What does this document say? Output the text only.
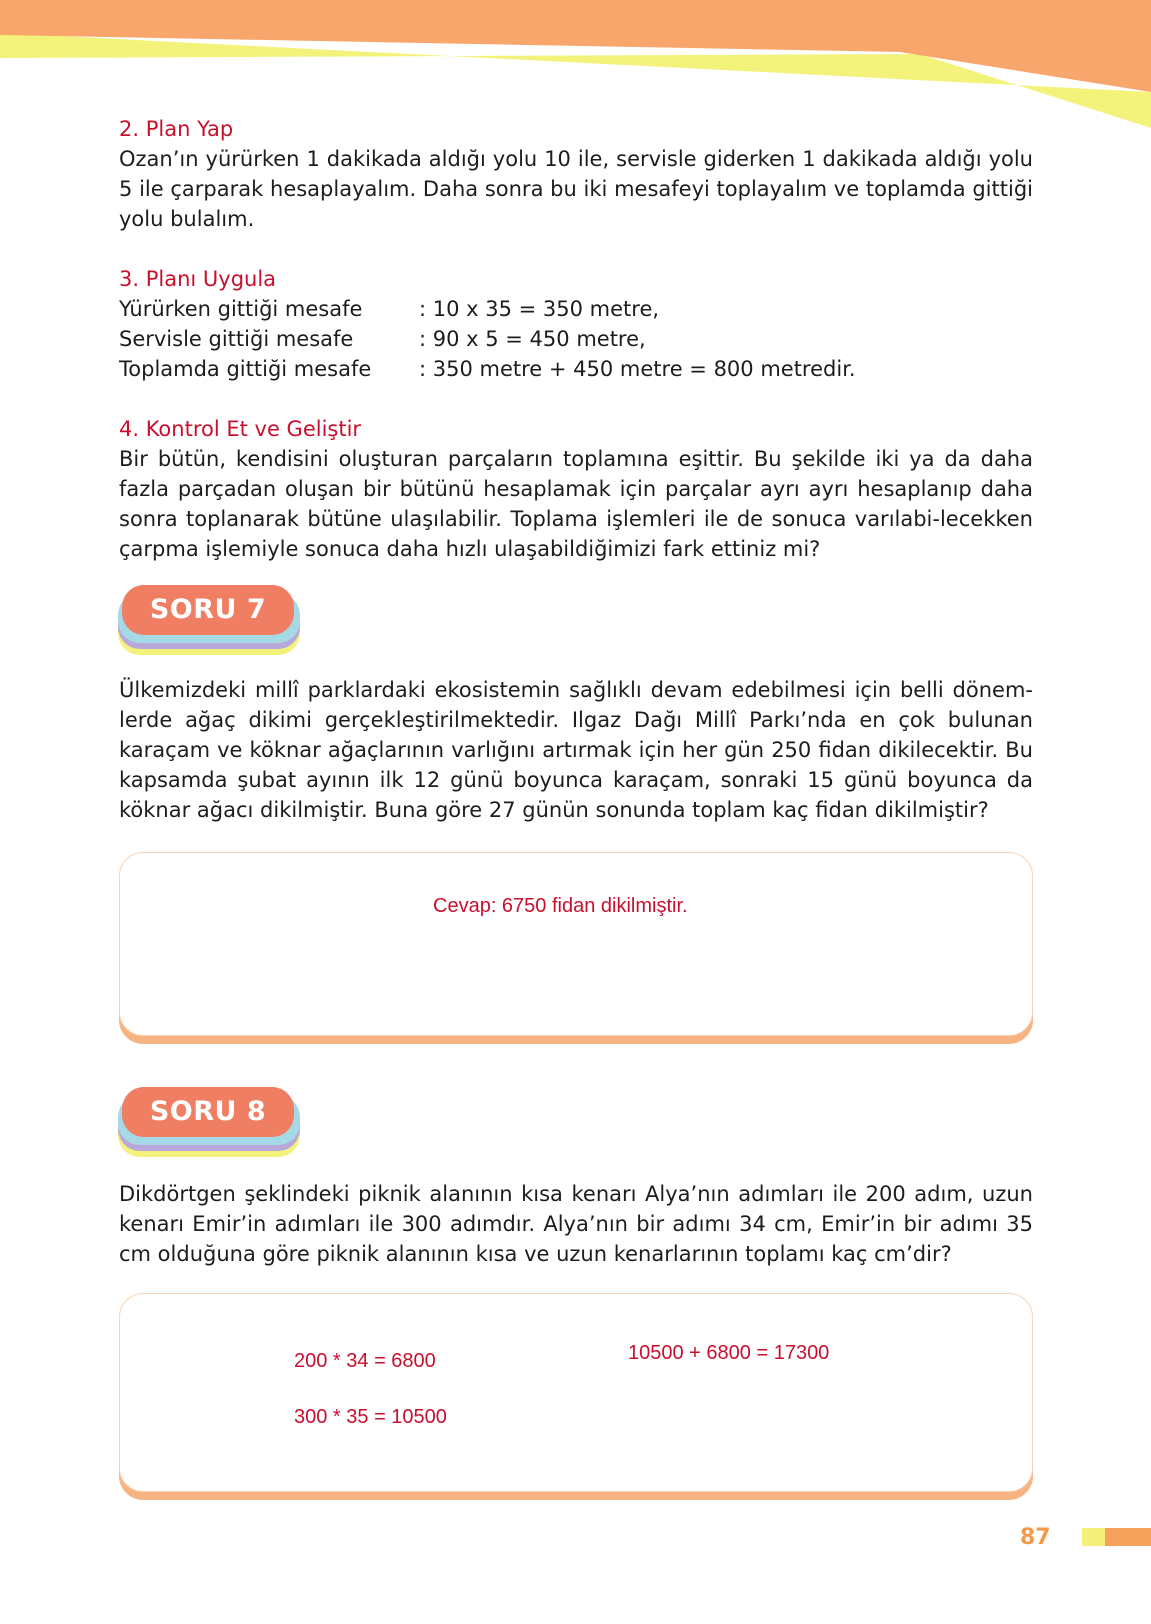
2. Plan Yap

Ozan’ın yürürken 1 dakikada aldığı yolu 10 ile, servisle giderken 1 dakikada aldığı yolu 5 ile çarparak hesaplayalım. Daha sonra bu iki mesafeyi toplayalım ve toplamda gittiği yolu bulalım.

3. Planı Uygula

Yürürken gittiği mesafe	: 10 x 35 = 350 metre,
Servisle gittiği mesafe	: 90 x 5 = 450 metre,
Toplamda gittiği mesafe	: 350 metre + 450 metre = 800 metredir.

4. Kontrol Et ve Geliştir

Bir bütün, kendisini oluşturan parçaların toplamına eşittir. Bu şekilde iki ya da daha fazla parçadan oluşan bir bütünü hesaplamak için parçalar ayrı ayrı hesaplanıp daha sonra toplanarak bütüne ulaşılabilir. Toplama işlemleri ile de sonuca varılabi-lecekken çarpma işlemiyle sonuca daha hızlı ulaşabildiğimizi fark ettiniz mi?

SORU 7

Ülkemizdeki millî parklardaki ekosistemin sağlıklı devam edebilmesi için belli dönem-lerde ağaç dikimi gerçekleştirilmektedir. Ilgaz Dağı Millî Parkı’nda en çok bulunan karaçam ve köknar ağaçlarının varlığını artırmak için her gün 250 fidan dikilecektir. Bu kapsamda şubat ayının ilk 12 günü boyunca karaçam, sonraki 15 günü boyunca da köknar ağacı dikilmiştir. Buna göre 27 günün sonunda toplam kaç fidan dikilmiştir?

Cevap: 6750 fidan dikilmiştir.
SORU 8

Dikdörtgen şeklindeki piknik alanının kısa kenarı Alya’nın adımları ile 200 adım, uzun kenarı Emir’in adımları ile 300 adımdır. Alya’nın bir adımı 34 cm, Emir’in bir adımı 35 cm olduğuna göre piknik alanının kısa ve uzun kenarlarının toplamı kaç cm’dir?

200 * 34 = 6800
300 * 35 = 10500
10500 + 6800 = 17300
87
